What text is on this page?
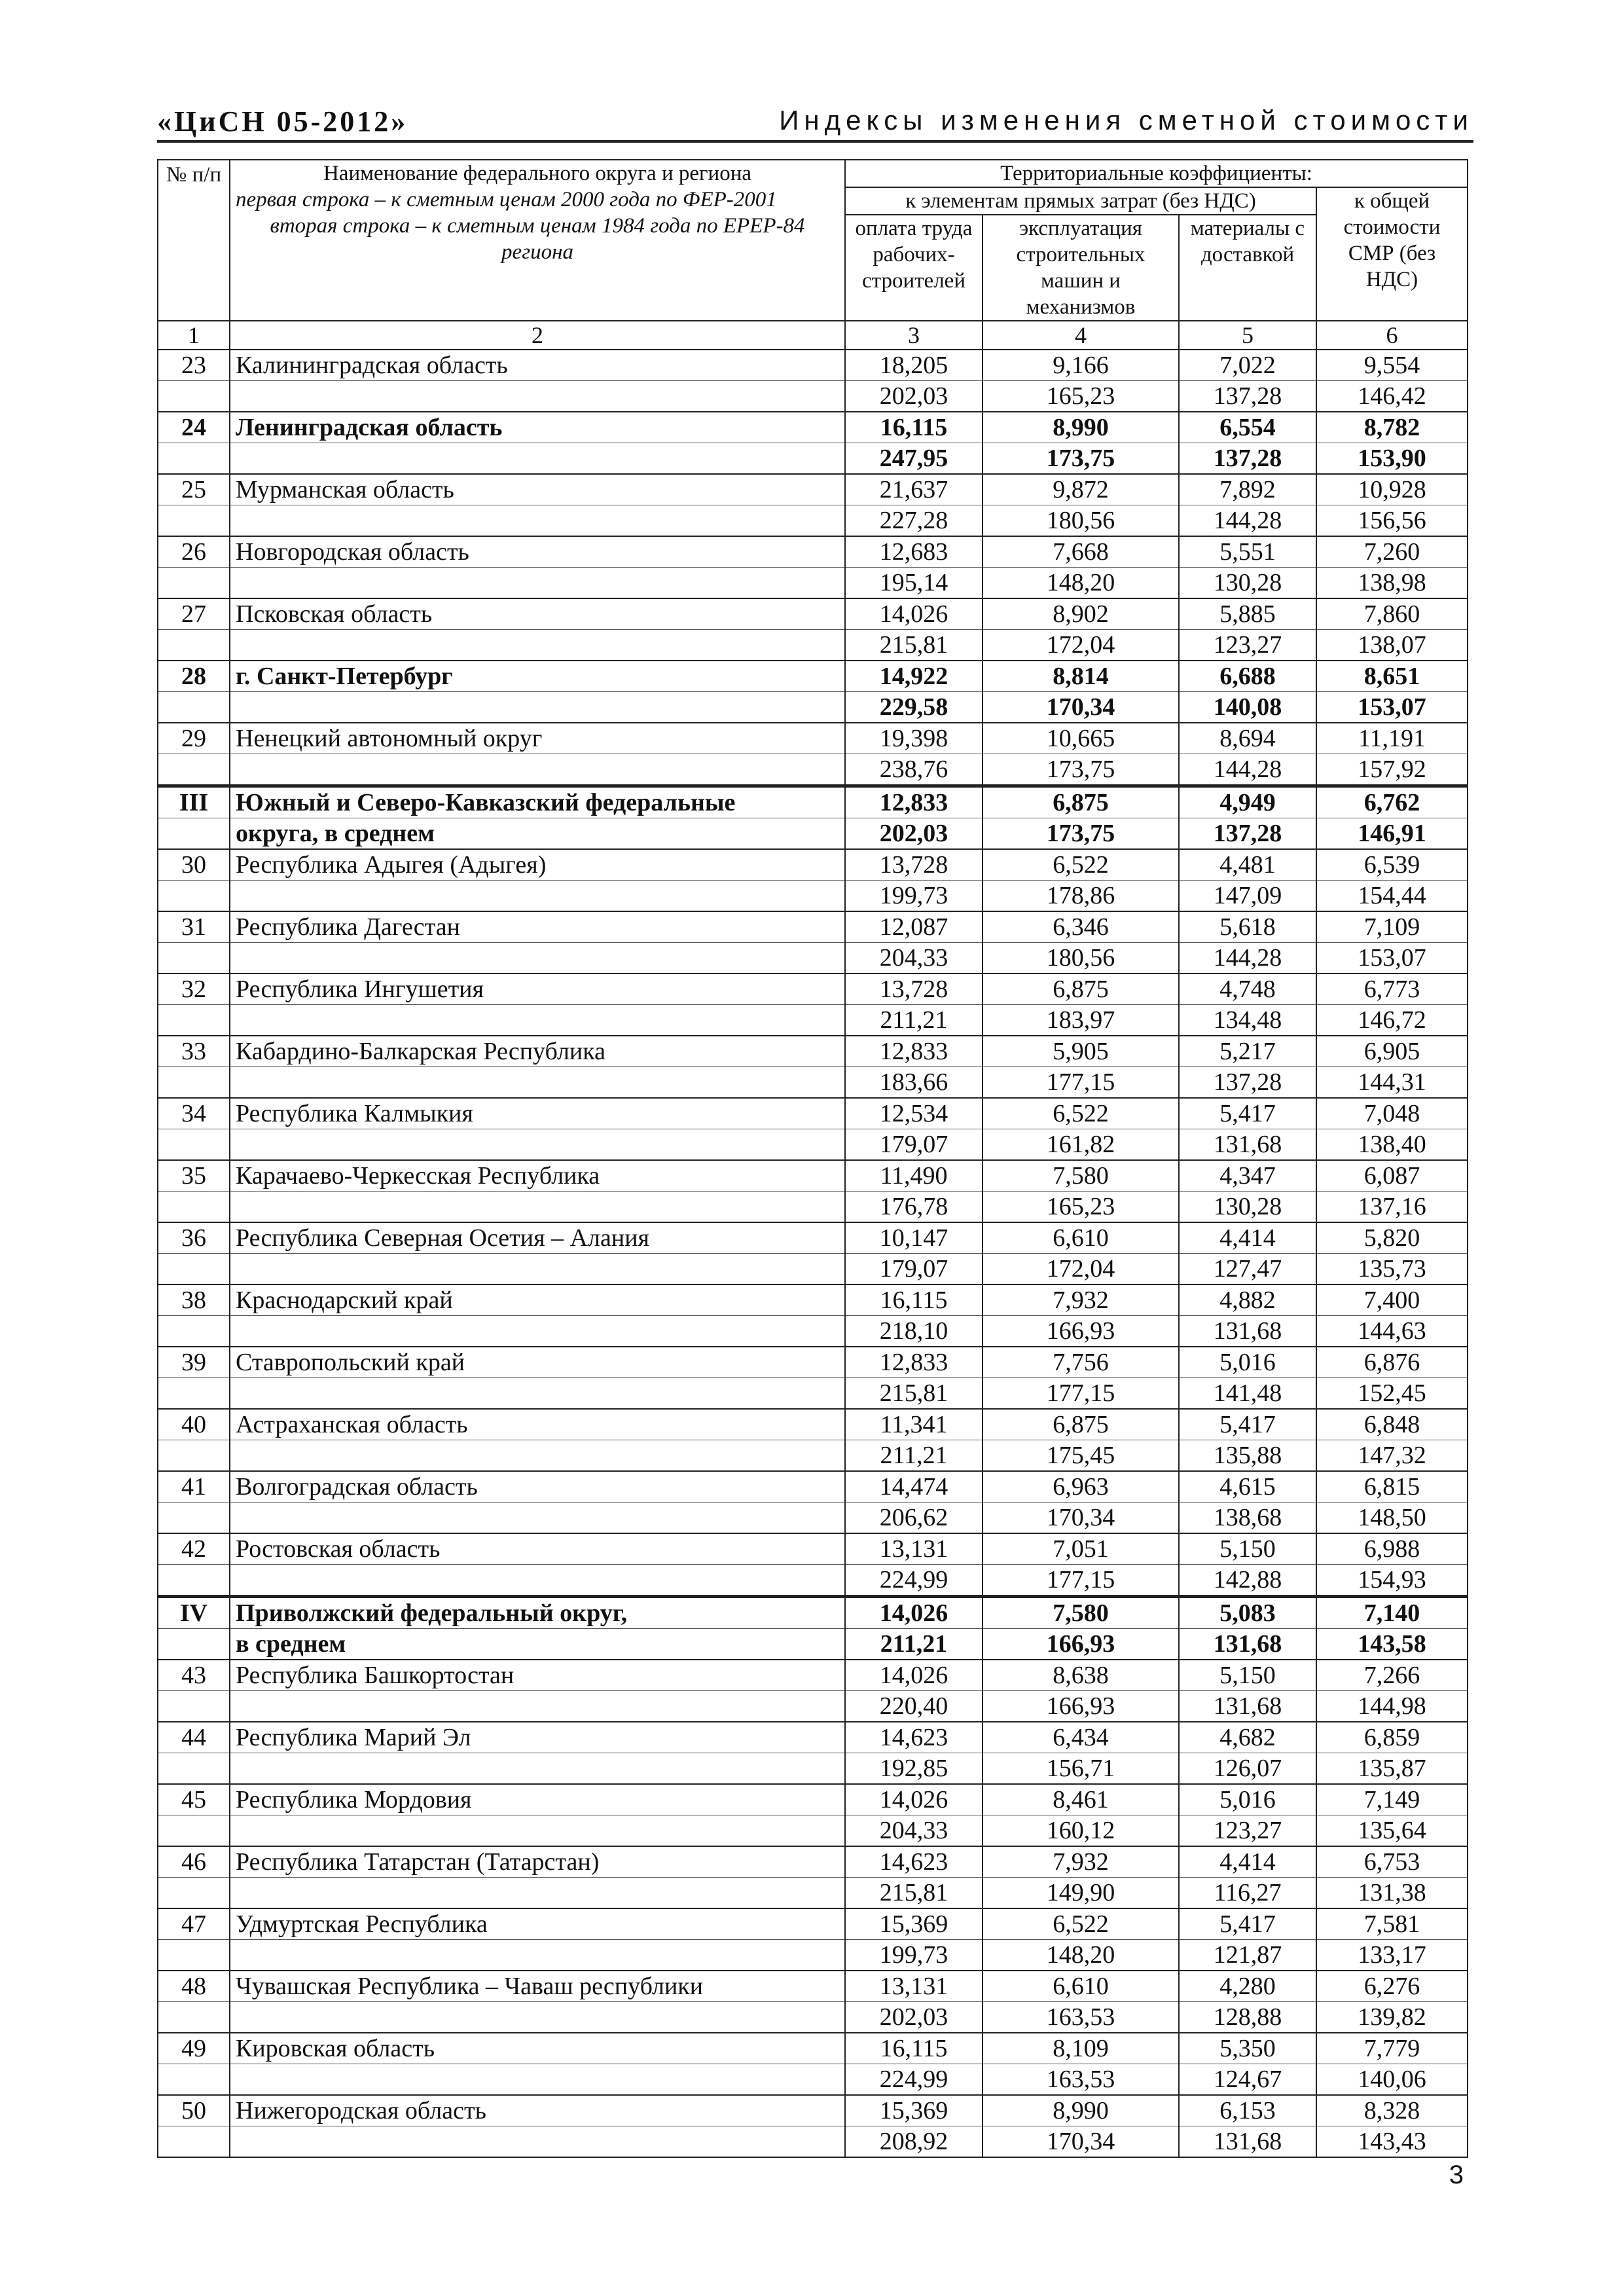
«ЦиСН 05-2012»	Индексы изменения сметной стоимости
№ п/п	Наименование федерального округа и региона
первая строка – к сметным ценам 2000 года по ФЕР-2001
вторая строка – к сметным ценам 1984 года по ЕРЕР-84 региона	Территориальные коэффициенты:			
		к элементам прямых затрат (без НДС)			к общей стоимости СМР (без НДС)
		оплата труда рабочих-строителей	эксплуатация строительных машин и механизмов	материалы с доставкой	
1	2	3	4	5	6
23	Калининградская область	18,205	9,166	7,022	9,554
		202,03	165,23	137,28	146,42
24	Ленинградская область	16,115	8,990	6,554	8,782
		247,95	173,75	137,28	153,90
25	Мурманская область	21,637	9,872	7,892	10,928
		227,28	180,56	144,28	156,56
26	Новгородская область	12,683	7,668	5,551	7,260
		195,14	148,20	130,28	138,98
27	Псковская область	14,026	8,902	5,885	7,860
		215,81	172,04	123,27	138,07
28	г. Санкт-Петербург	14,922	8,814	6,688	8,651
		229,58	170,34	140,08	153,07
29	Ненецкий автономный округ	19,398	10,665	8,694	11,191
		238,76	173,75	144,28	157,92
III	Южный и Северо-Кавказский федеральные	12,833	6,875	4,949	6,762
	округа, в среднем	202,03	173,75	137,28	146,91
30	Республика Адыгея (Адыгея)	13,728	6,522	4,481	6,539
		199,73	178,86	147,09	154,44
31	Республика Дагестан	12,087	6,346	5,618	7,109
		204,33	180,56	144,28	153,07
32	Республика Ингушетия	13,728	6,875	4,748	6,773
		211,21	183,97	134,48	146,72
33	Кабардино-Балкарская Республика	12,833	5,905	5,217	6,905
		183,66	177,15	137,28	144,31
34	Республика Калмыкия	12,534	6,522	5,417	7,048
		179,07	161,82	131,68	138,40
35	Карачаево-Черкесская Республика	11,490	7,580	4,347	6,087
		176,78	165,23	130,28	137,16
36	Республика Северная Осетия – Алания	10,147	6,610	4,414	5,820
		179,07	172,04	127,47	135,73
38	Краснодарский край	16,115	7,932	4,882	7,400
		218,10	166,93	131,68	144,63
39	Ставропольский край	12,833	7,756	5,016	6,876
		215,81	177,15	141,48	152,45
40	Астраханская область	11,341	6,875	5,417	6,848
		211,21	175,45	135,88	147,32
41	Волгоградская область	14,474	6,963	4,615	6,815
		206,62	170,34	138,68	148,50
42	Ростовская область	13,131	7,051	5,150	6,988
		224,99	177,15	142,88	154,93
IV	Приволжский федеральный округ,	14,026	7,580	5,083	7,140
	в среднем	211,21	166,93	131,68	143,58
43	Республика Башкортостан	14,026	8,638	5,150	7,266
		220,40	166,93	131,68	144,98
44	Республика Марий Эл	14,623	6,434	4,682	6,859
		192,85	156,71	126,07	135,87
45	Республика Мордовия	14,026	8,461	5,016	7,149
		204,33	160,12	123,27	135,64
46	Республика Татарстан (Татарстан)	14,623	7,932	4,414	6,753
		215,81	149,90	116,27	131,38
47	Удмуртская Республика	15,369	6,522	5,417	7,581
		199,73	148,20	121,87	133,17
48	Чувашская Республика – Чаваш республики	13,131	6,610	4,280	6,276
		202,03	163,53	128,88	139,82
49	Кировская область	16,115	8,109	5,350	7,779
		224,99	163,53	124,67	140,06
50	Нижегородская область	15,369	8,990	6,153	8,328
		208,92	170,34	131,68	143,43
3
